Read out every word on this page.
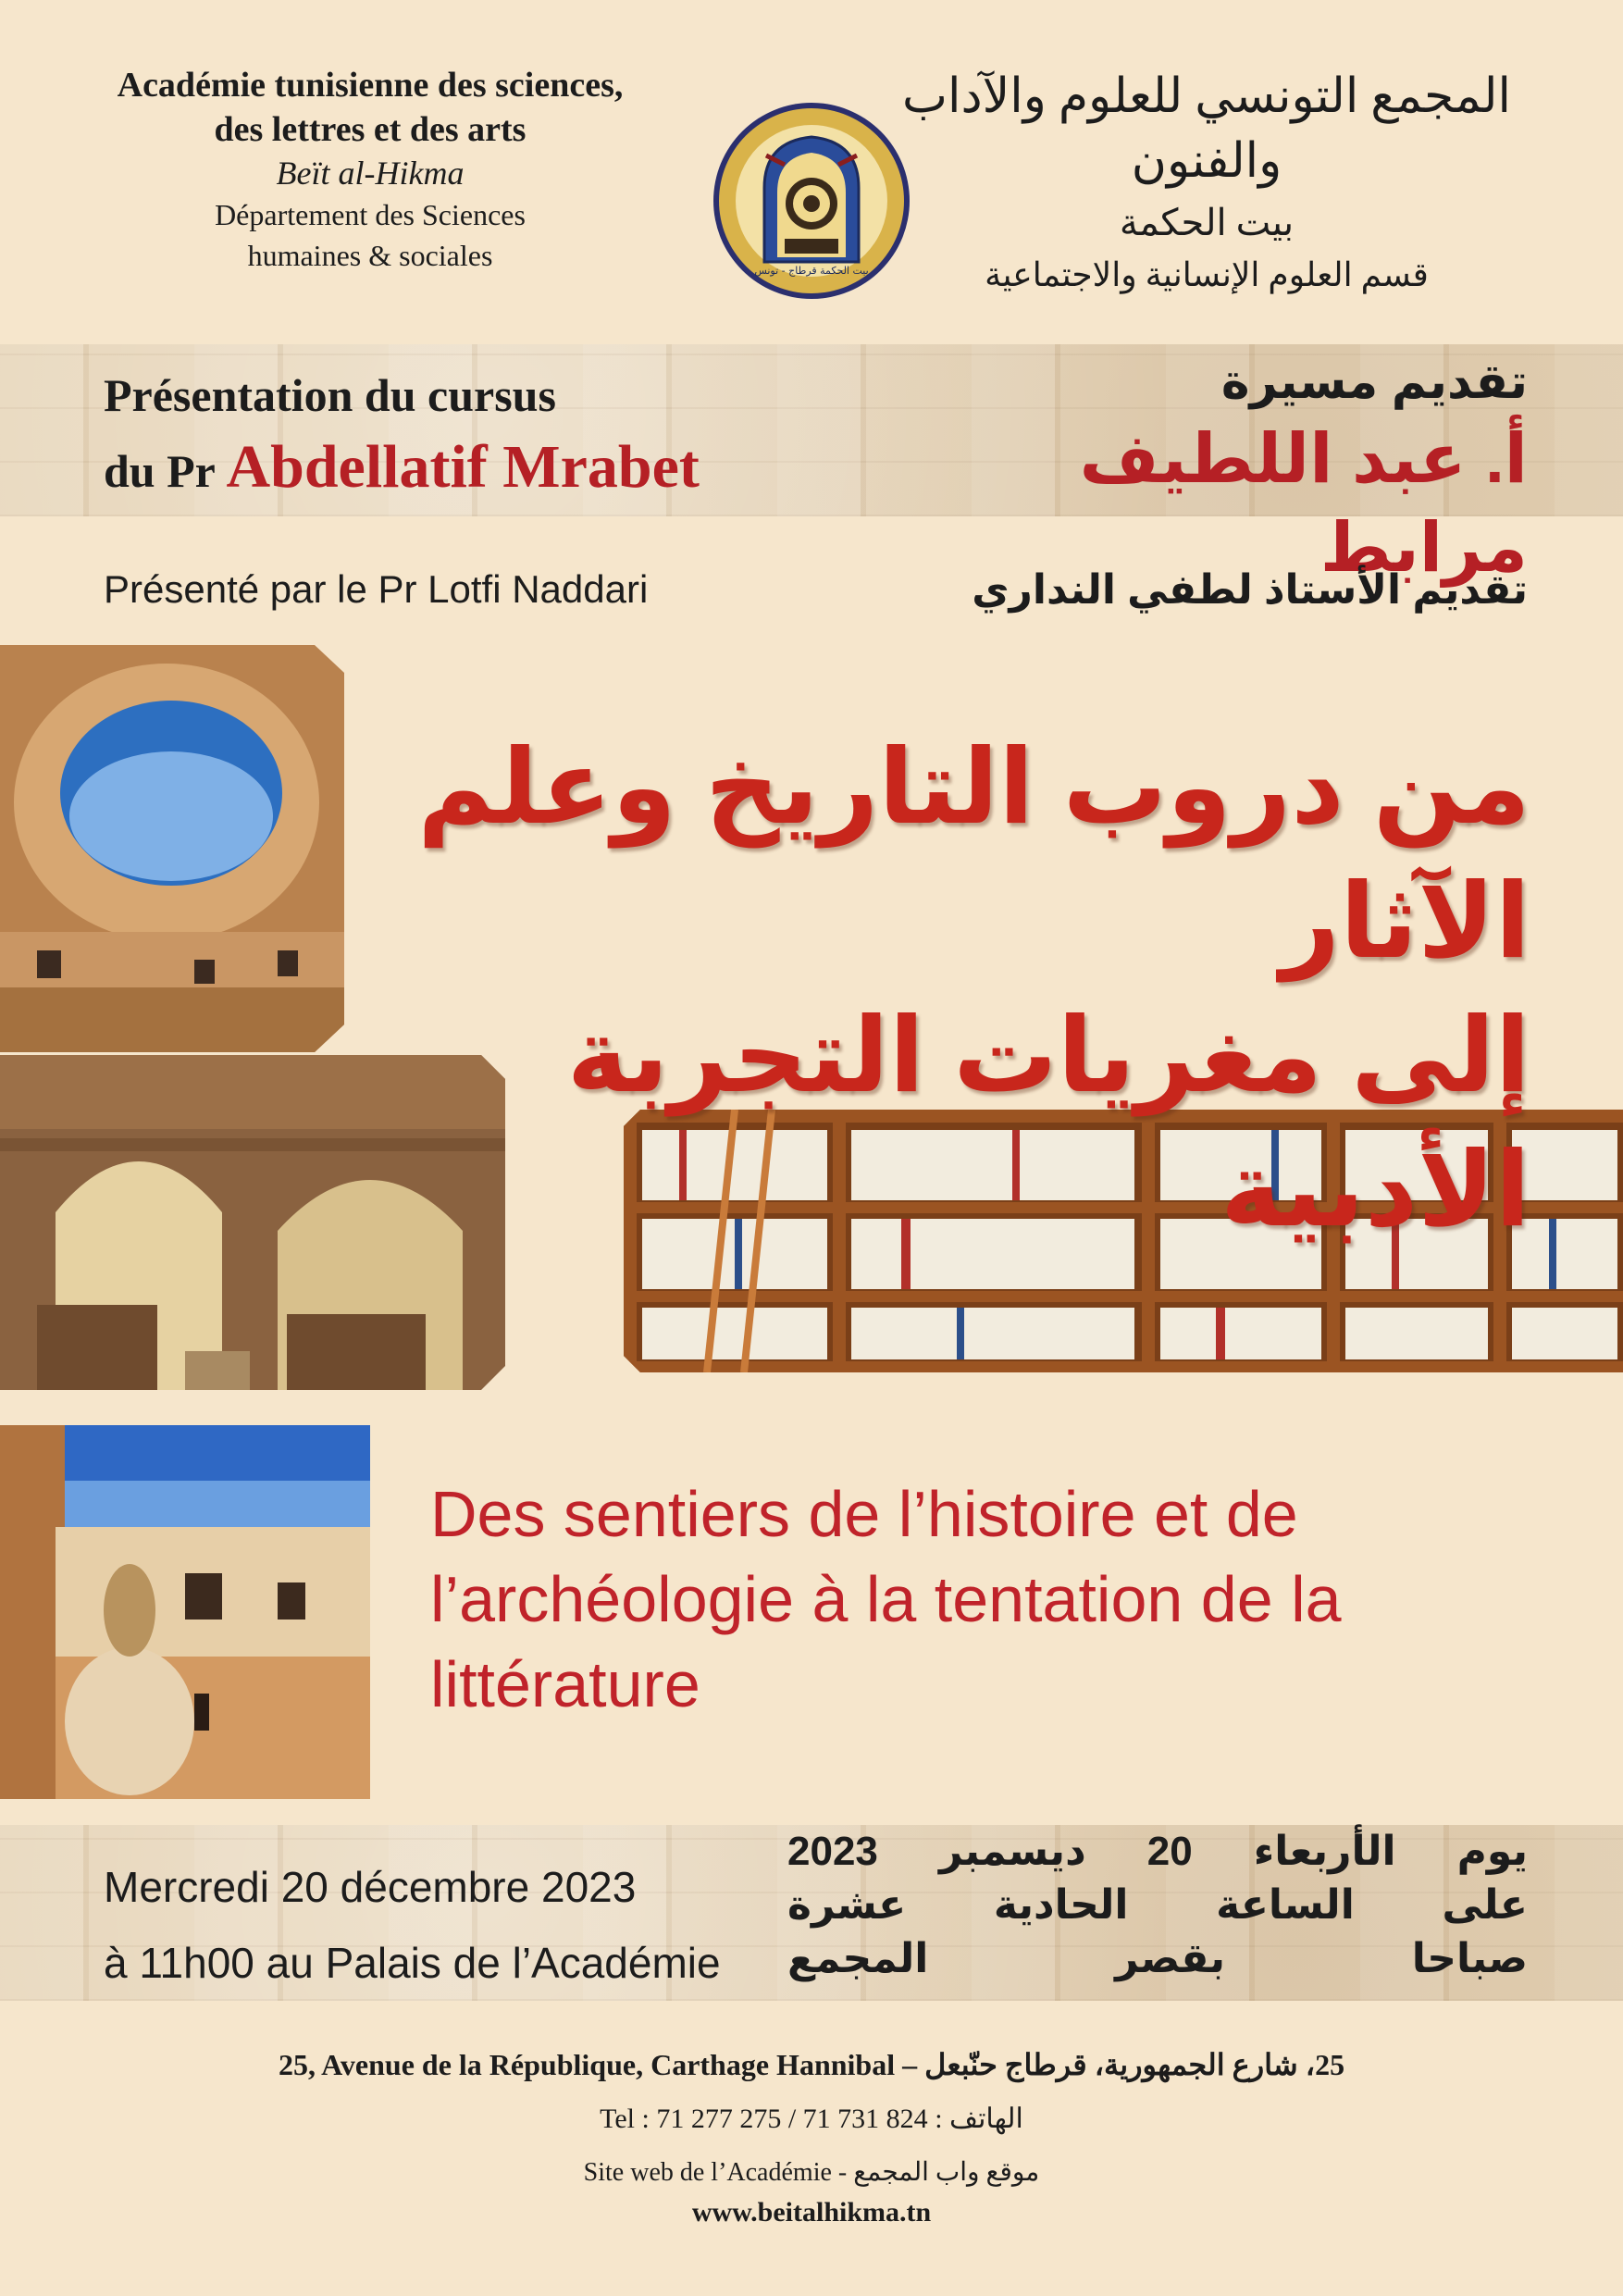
Académie tunisienne des sciences,
des lettres et des arts
Beït al-Hikma
Département des Sciences
humaines & sociales	بيت الحكمة قرطاج - تونس
المجمع التونسي للعلوم والآداب والفنون
بيت الحكمة
قسم العلوم الإنسانية والاجتماعية
Présentation du cursus
du Pr Abdellatif Mrabet
تقديم مسيرة
أ. عبد اللطيف مرابط
Présenté par le Pr Lotfi Naddari	تقديم الأستاذ لطفي النداري
من دروب التاريخ وعلم الآثار
إلى مغريات التجربة الأدبية
Des sentiers de l’histoire et de
l’archéologie à la tentation de la
littérature
Mercredi 20 décembre 2023
à 11h00 au Palais de l’Académie
يوم الأربعاء 20 ديسمبر 2023
على الساعة الحادية عشرة
صباحا بقصر المجمع
25, Avenue de la République, Carthage Hannibal – 25، شارع الجمهورية، قرطاج حنّبعل
Tel : 71 277 275 / 71 731 824 الهاتف :
Site web de l’Académie - موقع واب المجمع
www.beitalhikma.tn
